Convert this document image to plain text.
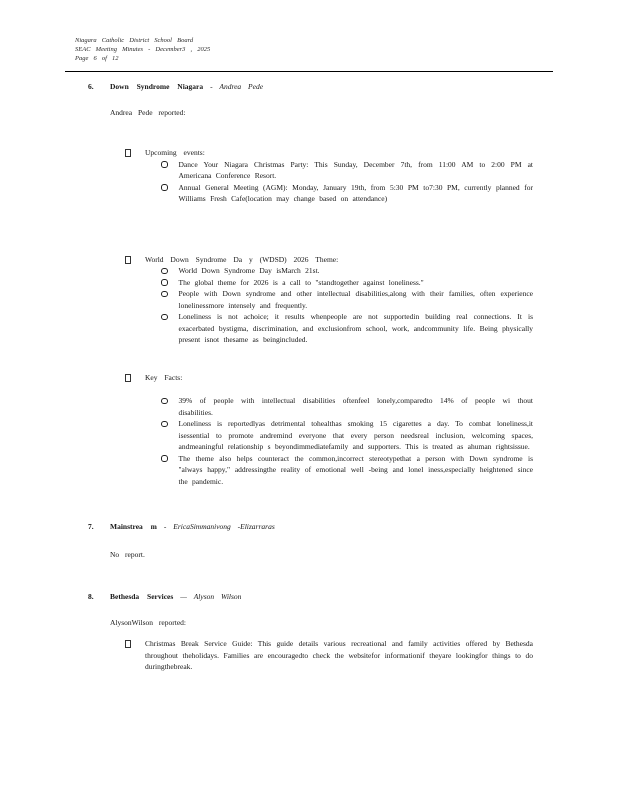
Niagara Catholic District School Board
SEAC Meeting Minutes - December3 , 2025
Page 6 of 12
6. Down Syndrome Niagara - Andrea Pede
Andrea Pede reported:
Upcoming events:
Dance Your Niagara Christmas Party: This Sunday, December 7th, from 11:00 AM to 2:00 PM at Americana Conference Resort.
Annual General Meeting (AGM): Monday, January 19th, from 5:30 PM to7:30 PM, currently planned for Williams Fresh Cafe(location may change based on attendance)
World Down Syndrome Da y (WDSD) 2026 Theme:
World Down Syndrome Day isMarch 21st.
The global theme for 2026 is a call to "standtogether against loneliness."
People with Down syndrome and other intellectual disabilities,along with their families, often experience lonelinessmore intensely and frequently.
Loneliness is not achoice; it results whenpeople are not supportedin building real connections. It is exacerbated bystigma, discrimination, and exclusionfrom school, work, andcommunity life. Being physically present isnot thesame as beingincluded.
Key Facts:
39% of people with intellectual disabilities oftenfeel lonely,comparedto 14% of people wi thout disabilities.
Loneliness is reportedlyas detrimental tohealthas smoking 15 cigarettes a day. To combat loneliness,it isessential to promote andremind everyone that every person needsreal inclusion, welcoming spaces, andmeaningful relationship s beyondimmediatefamily and supporters. This is treated as ahuman rightsissue.
The theme also helps counteract the common,incorrect stereotypethat a person with Down syndrome is "always happy," addressingthe reality of emotional well -being and lonel iness,especially heightened since the pandemic.
7. Mainstrea m - EricaSimmanivong -Elizarraras
No report.
8. Bethesda Services — Alyson Wilson
AlysonWilson reported:
Christmas Break Service Guide: This guide details various recreational and family activities offered by Bethesda throughout theholidays. Families are encouragedto check the websitefor informationif theyare lookingfor things to do duringthebreak.
